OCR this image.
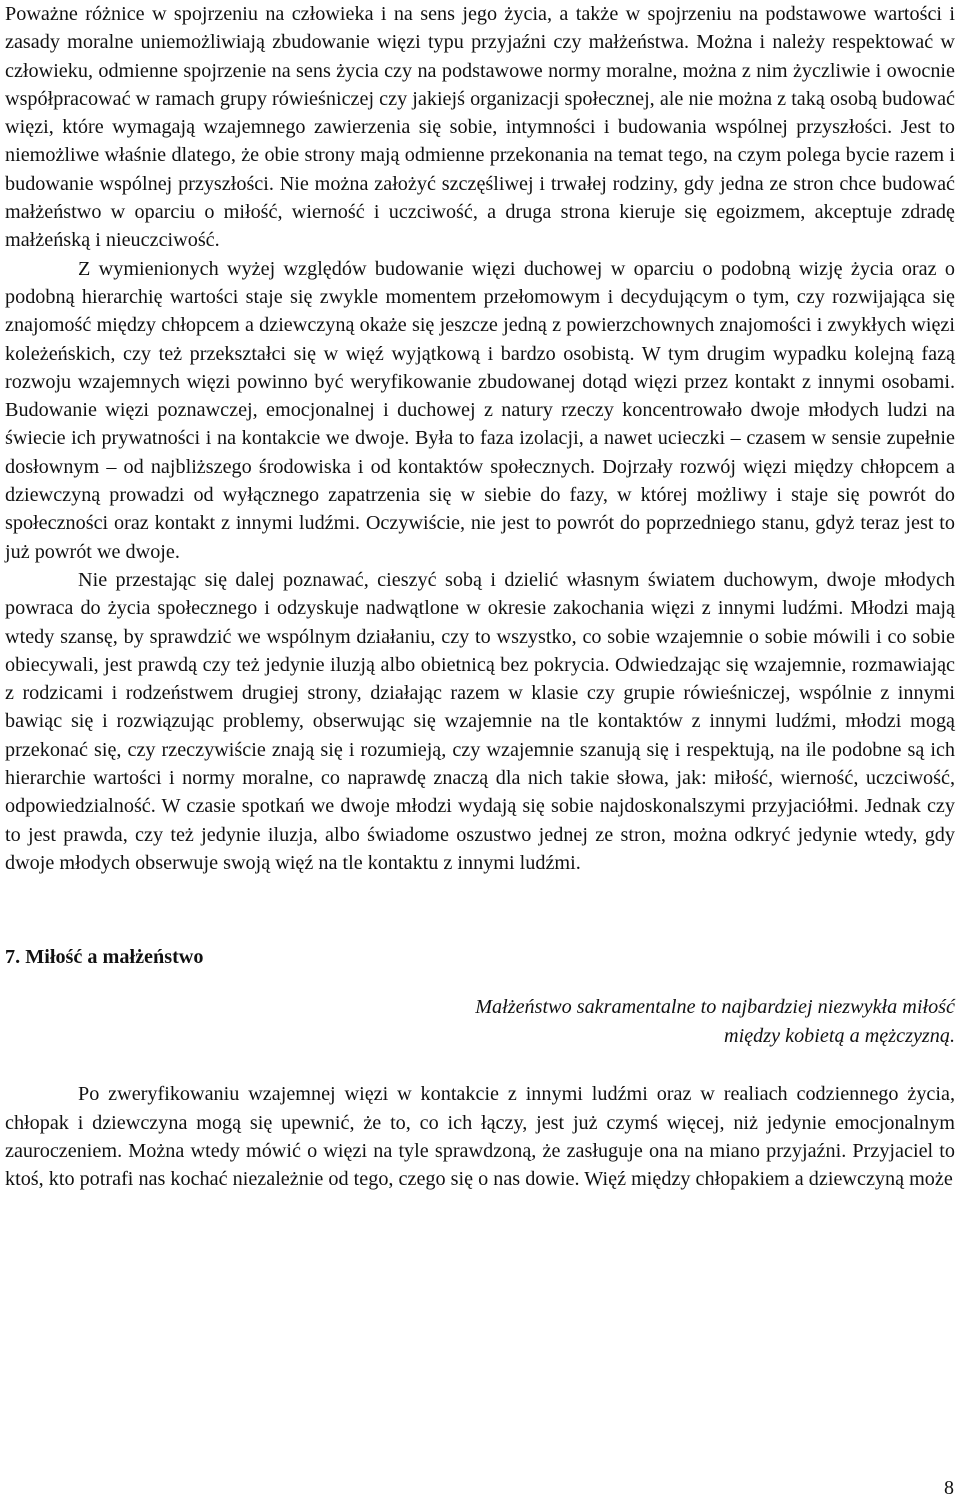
Poważne różnice w spojrzeniu na człowieka i na sens jego życia, a także w spojrzeniu na podstawowe wartości i zasady moralne uniemożliwiają zbudowanie więzi typu przyjaźni czy małżeństwa. Można i należy respektować w człowieku, odmienne spojrzenie na sens życia czy na podstawowe normy moralne, można z nim życzliwie i owocnie współpracować w ramach grupy rówieśniczej czy jakiejś organizacji społecznej, ale nie można z taką osobą budować więzi, które wymagają wzajemnego zawierzenia się sobie, intymności i budowania wspólnej przyszłości. Jest to niemożliwe właśnie dlatego, że obie strony mają odmienne przekonania na temat tego, na czym polega bycie razem i budowanie wspólnej przyszłości. Nie można założyć szczęśliwej i trwałej rodziny, gdy jedna ze stron chce budować małżeństwo w oparciu o miłość, wierność i uczciwość, a druga strona kieruje się egoizmem, akceptuje zdradę małżeńską i nieuczciwość.

Z wymienionych wyżej względów budowanie więzi duchowej w oparciu o podobną wizję życia oraz o podobną hierarchię wartości staje się zwykle momentem przełomowym i decydującym o tym, czy rozwijająca się znajomość między chłopcem a dziewczyną okaże się jeszcze jedną z powierzchownych znajomości i zwykłych więzi koleżeńskich, czy też przekształci się w więź wyjątkową i bardzo osobistą. W tym drugim wypadku kolejną fazą rozwoju wzajemnych więzi powinno być weryfikowanie zbudowanej dotąd więzi przez kontakt z innymi osobami. Budowanie więzi poznawczej, emocjonalnej i duchowej z natury rzeczy koncentrowało dwoje młodych ludzi na świecie ich prywatności i na kontakcie we dwoje. Była to faza izolacji, a nawet ucieczki – czasem w sensie zupełnie dosłownym – od najbliższego środowiska i od kontaktów społecznych. Dojrzały rozwój więzi między chłopcem a dziewczyną prowadzi od wyłącznego zapatrzenia się w siebie do fazy, w której możliwy i staje się powrót do społeczności oraz kontakt z innymi ludźmi. Oczywiście, nie jest to powrót do poprzedniego stanu, gdyż teraz jest to już powrót we dwoje.

Nie przestając się dalej poznawać, cieszyć sobą i dzielić własnym światem duchowym, dwoje młodych powraca do życia społecznego i odzyskuje nadwątlone w okresie zakochania więzi z innymi ludźmi. Młodzi mają wtedy szansę, by sprawdzić we wspólnym działaniu, czy to wszystko, co sobie wzajemnie o sobie mówili i co sobie obiecywali, jest prawdą czy też jedynie iluzją albo obietnicą bez pokrycia. Odwiedzając się wzajemnie, rozmawiając z rodzicami i rodzeństwem drugiej strony, działając razem w klasie czy grupie rówieśniczej, wspólnie z innymi bawiąc się i rozwiązując problemy, obserwując się wzajemnie na tle kontaktów z innymi ludźmi, młodzi mogą przekonać się, czy rzeczywiście znają się i rozumieją, czy wzajemnie szanują się i respektują, na ile podobne są ich hierarchie wartości i normy moralne, co naprawdę znaczą dla nich takie słowa, jak: miłość, wierność, uczciwość, odpowiedzialność. W czasie spotkań we dwoje młodzi wydają się sobie najdoskonalszymi przyjaciółmi. Jednak czy to jest prawda, czy też jedynie iluzja, albo świadome oszustwo jednej ze stron, można odkryć jedynie wtedy, gdy dwoje młodych obserwuje swoją więź na tle kontaktu z innymi ludźmi.

7. Miłość a małżeństwo
Małżeństwo sakramentalne to najbardziej niezwykła miłość
między kobietą a mężczyzną.

Po zweryfikowaniu wzajemnej więzi w kontakcie z innymi ludźmi oraz w realiach codziennego życia, chłopak i dziewczyna mogą się upewnić, że to, co ich łączy, jest już czymś więcej, niż jedynie emocjonalnym zauroczeniem. Można wtedy mówić o więzi na tyle sprawdzoną, że zasługuje ona na miano przyjaźni. Przyjaciel to ktoś, kto potrafi nas kochać niezależnie od tego, czego się o nas dowie. Więź między chłopakiem a dziewczyną może

8
